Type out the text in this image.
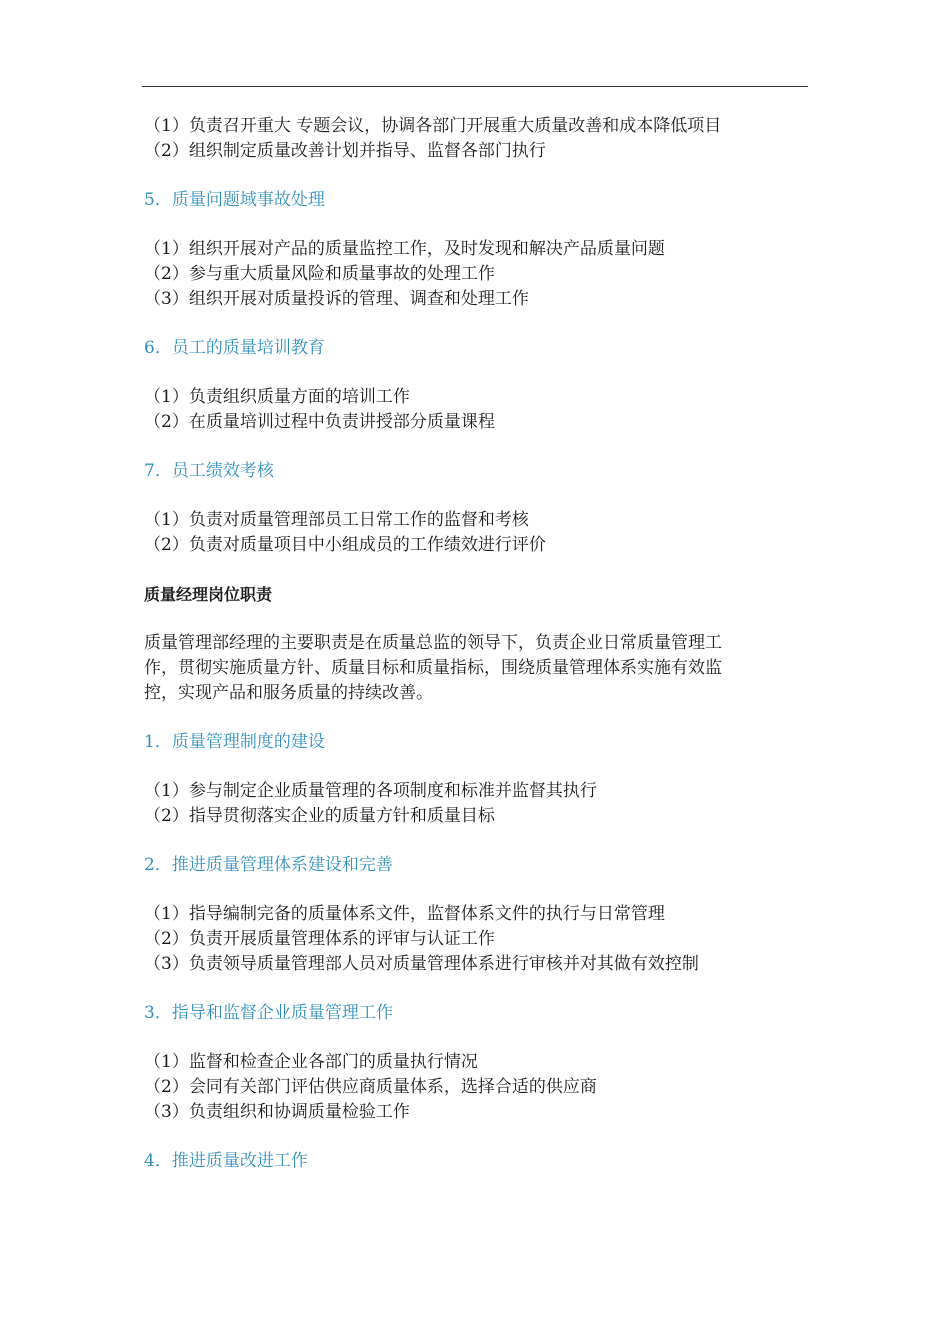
（1）负责召开重大 专题会议，协调各部门开展重大质量改善和成本降低项目

（2）组织制定质量改善计划并指导、监督各部门执行

5．质量问题域事故处理

（1）组织开展对产品的质量监控工作，及时发现和解决产品质量问题

（2）参与重大质量风险和质量事故的处理工作

（3）组织开展对质量投诉的管理、调查和处理工作

6．员工的质量培训教育

（1）负责组织质量方面的培训工作

（2）在质量培训过程中负责讲授部分质量课程

7．员工绩效考核

（1）负责对质量管理部员工日常工作的监督和考核

（2）负责对质量项目中小组成员的工作绩效进行评价

质量经理岗位职责

质量管理部经理的主要职责是在质量总监的领导下，负责企业日常质量管理工

作，贯彻实施质量方针、质量目标和质量指标，围绕质量管理体系实施有效监

控，实现产品和服务质量的持续改善。

1．质量管理制度的建设

（1）参与制定企业质量管理的各项制度和标准并监督其执行

（2）指导贯彻落实企业的质量方针和质量目标

2．推进质量管理体系建设和完善

（1）指导编制完备的质量体系文件，监督体系文件的执行与日常管理

（2）负责开展质量管理体系的评审与认证工作

（3）负责领导质量管理部人员对质量管理体系进行审核并对其做有效控制

3．指导和监督企业质量管理工作

（1）监督和检查企业各部门的质量执行情况

（2）会同有关部门评估供应商质量体系，选择合适的供应商

（3）负责组织和协调质量检验工作

4．推进质量改进工作
